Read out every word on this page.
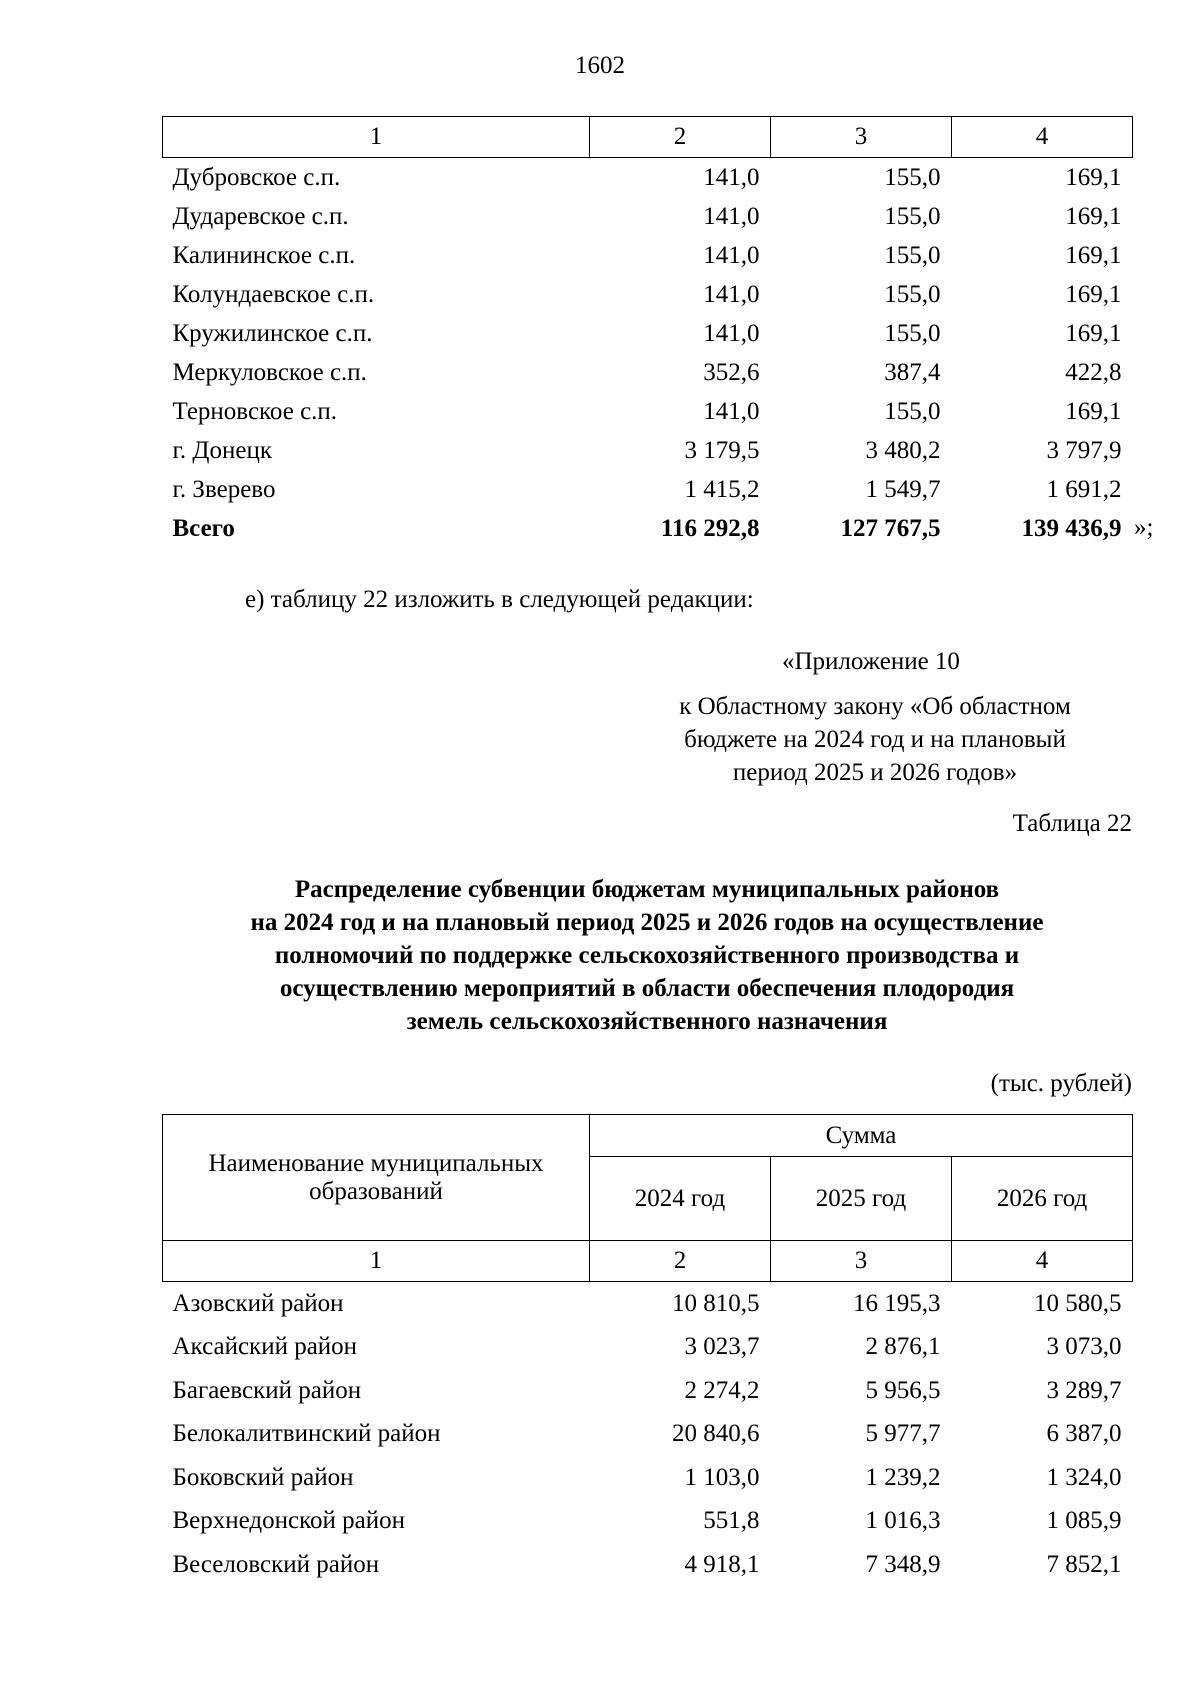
1602
1	2	3	4
Дубровское с.п.	141,0	155,0	169,1
Дударевское с.п.	141,0	155,0	169,1
Калининское с.п.	141,0	155,0	169,1
Колундаевское с.п.	141,0	155,0	169,1
Кружилинское с.п.	141,0	155,0	169,1
Меркуловское с.п.	352,6	387,4	422,8
Терновское с.п.	141,0	155,0	169,1
г. Донецк	3 179,5	3 480,2	3 797,9
г. Зверево	1 415,2	1 549,7	1 691,2
Всего	116 292,8	127 767,5	139 436,9 »;
е) таблицу 22 изложить в следующей редакции:
«Приложение 10
к Областному закону «Об областном
бюджете на 2024 год и на плановый
период 2025 и 2026 годов»
Таблица 22
Распределение субвенции бюджетам муниципальных районов
на 2024 год и на плановый период 2025 и 2026 годов на осуществление
полномочий по поддержке сельскохозяйственного производства и
осуществлению мероприятий в области обеспечения плодородия
земель сельскохозяйственного назначения
(тыс. рублей)
Наименование муниципальных образований	Сумма		
	2024 год	2025 год	2026 год
1	2	3	4
Азовский район	10 810,5	16 195,3	10 580,5
Аксайский район	3 023,7	2 876,1	3 073,0
Багаевский район	2 274,2	5 956,5	3 289,7
Белокалитвинский район	20 840,6	5 977,7	6 387,0
Боковский район	1 103,0	1 239,2	1 324,0
Верхнедонской район	551,8	1 016,3	1 085,9
Веселовский район	4 918,1	7 348,9	7 852,1
